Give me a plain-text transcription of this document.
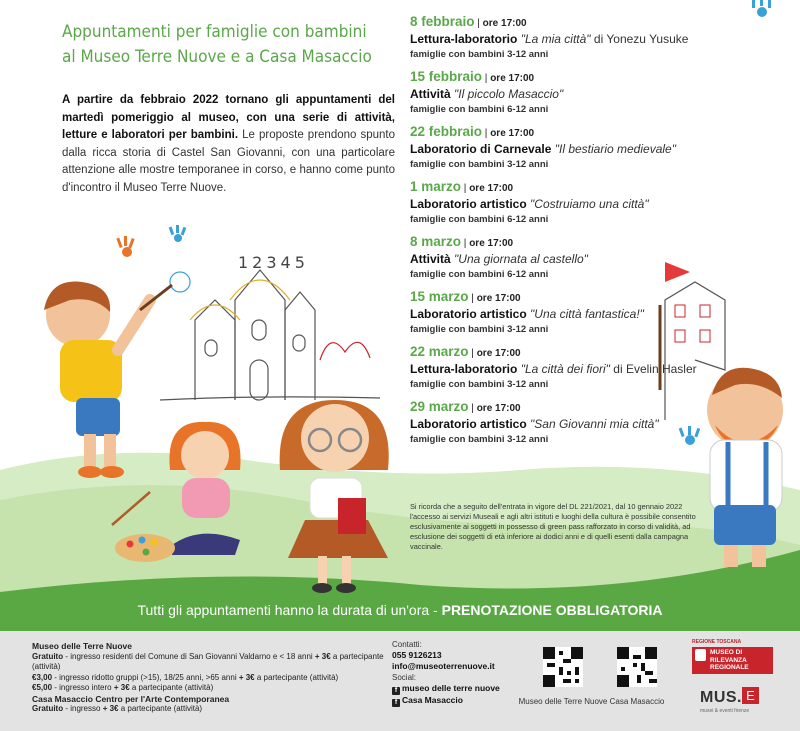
12345
Appuntamenti per famiglie con bambini
al Museo Terre Nuove e a Casa Masaccio
A partire da febbraio 2022 tornano gli appuntamenti del martedì pomeriggio al museo, con una serie di attività, letture e laboratori per bambini. Le proposte prendono spunto dalla ricca storia di Castel San Giovanni, con una particolare attenzione alle mostre temporanee in corso, e hanno come punto d'incontro il Museo Terre Nuove.
8 febbraio | ore 17:00
Lettura-laboratorio "La mia città" di Yonezu Yusuke
famiglie con bambini 3-12 anni
15 febbraio | ore 17:00
Attività "Il piccolo Masaccio"
famiglie con bambini 6-12 anni
22 febbraio | ore 17:00
Laboratorio di Carnevale "Il bestiario medievale"
famiglie con bambini 3-12 anni
1 marzo | ore 17:00
Laboratorio artistico "Costruiamo una città"
famiglie con bambini 6-12 anni
8 marzo | ore 17:00
Attività "Una giornata al castello"
famiglie con bambini 6-12 anni
15 marzo | ore 17:00
Laboratorio artistico "Una città fantastica!"
famiglie con bambini 3-12 anni
22 marzo | ore 17:00
Lettura-laboratorio "La città dei fiori" di Evelin Hasler
famiglie con bambini 3-12 anni
29 marzo | ore 17:00
Laboratorio artistico "San Giovanni mia città"
famiglie con bambini 3-12 anni
Si ricorda che a seguito dell'entrata in vigore del DL 221/2021, dal 10 gennaio 2022 l'accesso ai servizi Museali e agli altri istituti e luoghi della cultura è possibile consentito esclusivamente ai soggetti in possesso di green pass rafforzato in corso di validità, ad esclusione dei soggetti di età inferiore ai dodici anni e di quelli esenti dalla campagna vaccinale.
Tutti gli appuntamenti hanno la durata di un'ora - PRENOTAZIONE OBBLIGATORIA
Museo delle Terre Nuove
Gratuito - ingresso residenti del Comune di San Giovanni Valdarno e < 18 anni + 3€ a partecipante (attività)
€3,00 - ingresso ridotto gruppi (>15), 18/25 anni, >65 anni + 3€ a partecipante (attività)
€5,00 - ingresso intero + 3€ a partecipante (attività)
Casa Masaccio Centro per l'Arte Contemporanea
Gratuito - ingresso + 3€ a partecipante (attività)
Contatti:
055 9126213
info@museoterrenuove.it
Social:
f museo delle terre nuove
f Casa Masaccio	Museo delle Terre Nuove Casa Masaccio
REGIONE TOSCANA
MUSEO DI RILEVANZA REGIONALE
MUS. E
musei & eventi firenze
